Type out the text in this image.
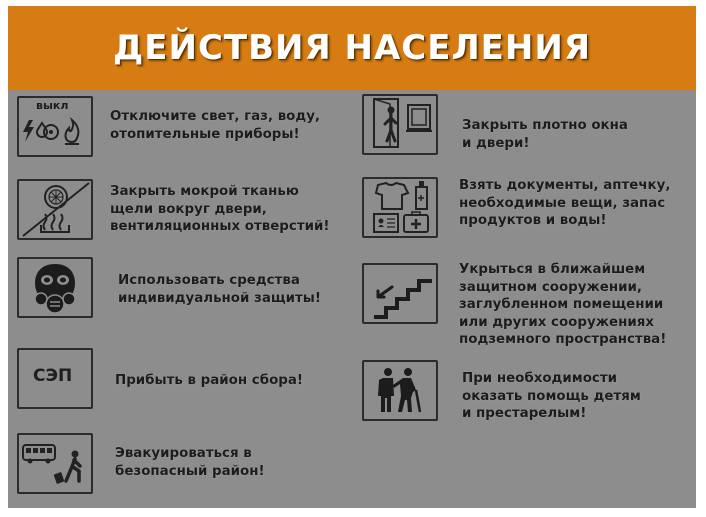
ДЕЙСТВИЯ НАСЕЛЕНИЯ
выкл
Отключите свет, газ, воду,
отопительные приборы!
Закрыть мокрой тканью
щели вокруг двери,
вентиляционных отверстий!
Использовать средства
индивидуальной защиты!
СЭП	Прибыть в район сбора!
Эвакуироваться в
безопасный район!
Закрыть плотно окна
и двери!
Взять документы, аптечку,
необходимые вещи, запас
продуктов и воды!
Укрыться в ближайшем
защитном сооружении,
заглубленном помещении
или других сооружениях
подземного пространства!
При необходимости
оказать помощь детям
и престарелым!
